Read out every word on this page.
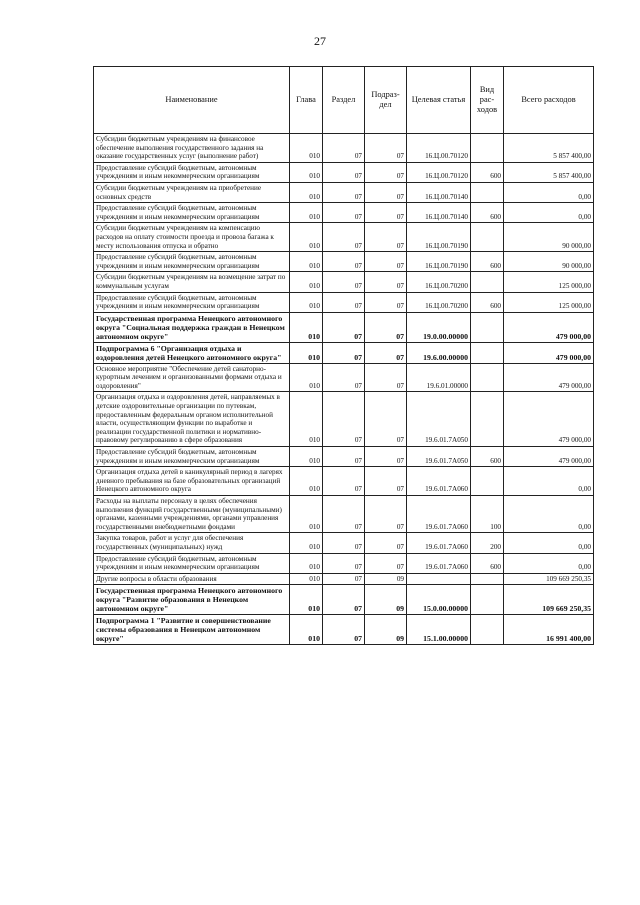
27
Наименование	Глава	Раздел	Подраз-дел	Целевая статья	Вид рас-ходов	Всего расходов
Субсидии бюджетным учреждениям на финансовое обеспечение выполнения государственного задания на оказание государственных услуг (выполнение работ)	010	07	07	16.Ц.00.70120		5 857 400,00
Предоставление субсидий бюджетным, автономным учреждениям и иным некоммерческим организациям	010	07	07	16.Ц.00.70120	600	5 857 400,00
Субсидии бюджетным учреждениям на приобретение основных средств	010	07	07	16.Ц.00.70140		0,00
Предоставление субсидий бюджетным, автономным учреждениям и иным некоммерческим организациям	010	07	07	16.Ц.00.70140	600	0,00
Субсидии бюджетным учреждениям на компенсацию расходов на оплату стоимости проезда и провоза багажа к месту использования отпуска и обратно	010	07	07	16.Ц.00.70190		90 000,00
Предоставление субсидий бюджетным, автономным учреждениям и иным некоммерческим организациям	010	07	07	16.Ц.00.70190	600	90 000,00
Субсидии бюджетным учреждениям на возмещение затрат по коммунальным услугам	010	07	07	16.Ц.00.70200		125 000,00
Предоставление субсидий бюджетным, автономным учреждениям и иным некоммерческим организациям	010	07	07	16.Ц.00.70200	600	125 000,00
Государственная программа Ненецкого автономного округа "Социальная поддержка граждан в Ненецком автономном округе"	010	07	07	19.0.00.00000		479 000,00
Подпрограмма 6 "Организация отдыха и оздоровления детей Ненецкого автономного округа"	010	07	07	19.6.00.00000		479 000,00
Основное мероприятие "Обеспечение детей санаторно-курортным лечением и организованными формами отдыха и оздоровления"	010	07	07	19.6.01.00000		479 000,00
Организация отдыха и оздоровления детей, направляемых в детские оздоровительные организации по путевкам, предоставленным федеральным органом исполнительной власти, осуществляющим функции по выработке и реализации государственной политики и нормативно-правовому регулированию в сфере образования	010	07	07	19.6.01.7А050		479 000,00
Предоставление субсидий бюджетным, автономным учреждениям и иным некоммерческим организациям	010	07	07	19.6.01.7А050	600	479 000,00
Организация отдыха детей в каникулярный период в лагерях дневного пребывания на базе образовательных организаций Ненецкого автономного округа	010	07	07	19.6.01.7А060		0,00
Расходы на выплаты персоналу в целях обеспечения выполнения функций государственными (муниципальными) органами, казенными учреждениями, органами управления государственными внебюджетными фондами	010	07	07	19.6.01.7А060	100	0,00
Закупка товаров, работ и услуг для обеспечения государственных (муниципальных) нужд	010	07	07	19.6.01.7А060	200	0,00
Предоставление субсидий бюджетным, автономным учреждениям и иным некоммерческим организациям	010	07	07	19.6.01.7А060	600	0,00
Другие вопросы в области образования	010	07	09			109 669 250,35
Государственная программа Ненецкого автономного округа "Развитие образования в Ненецком автономном округе"	010	07	09	15.0.00.00000		109 669 250,35
Подпрограмма 1 "Развитие и совершенствование системы образования в Ненецком автономном округе"	010	07	09	15.1.00.00000		16 991 400,00
